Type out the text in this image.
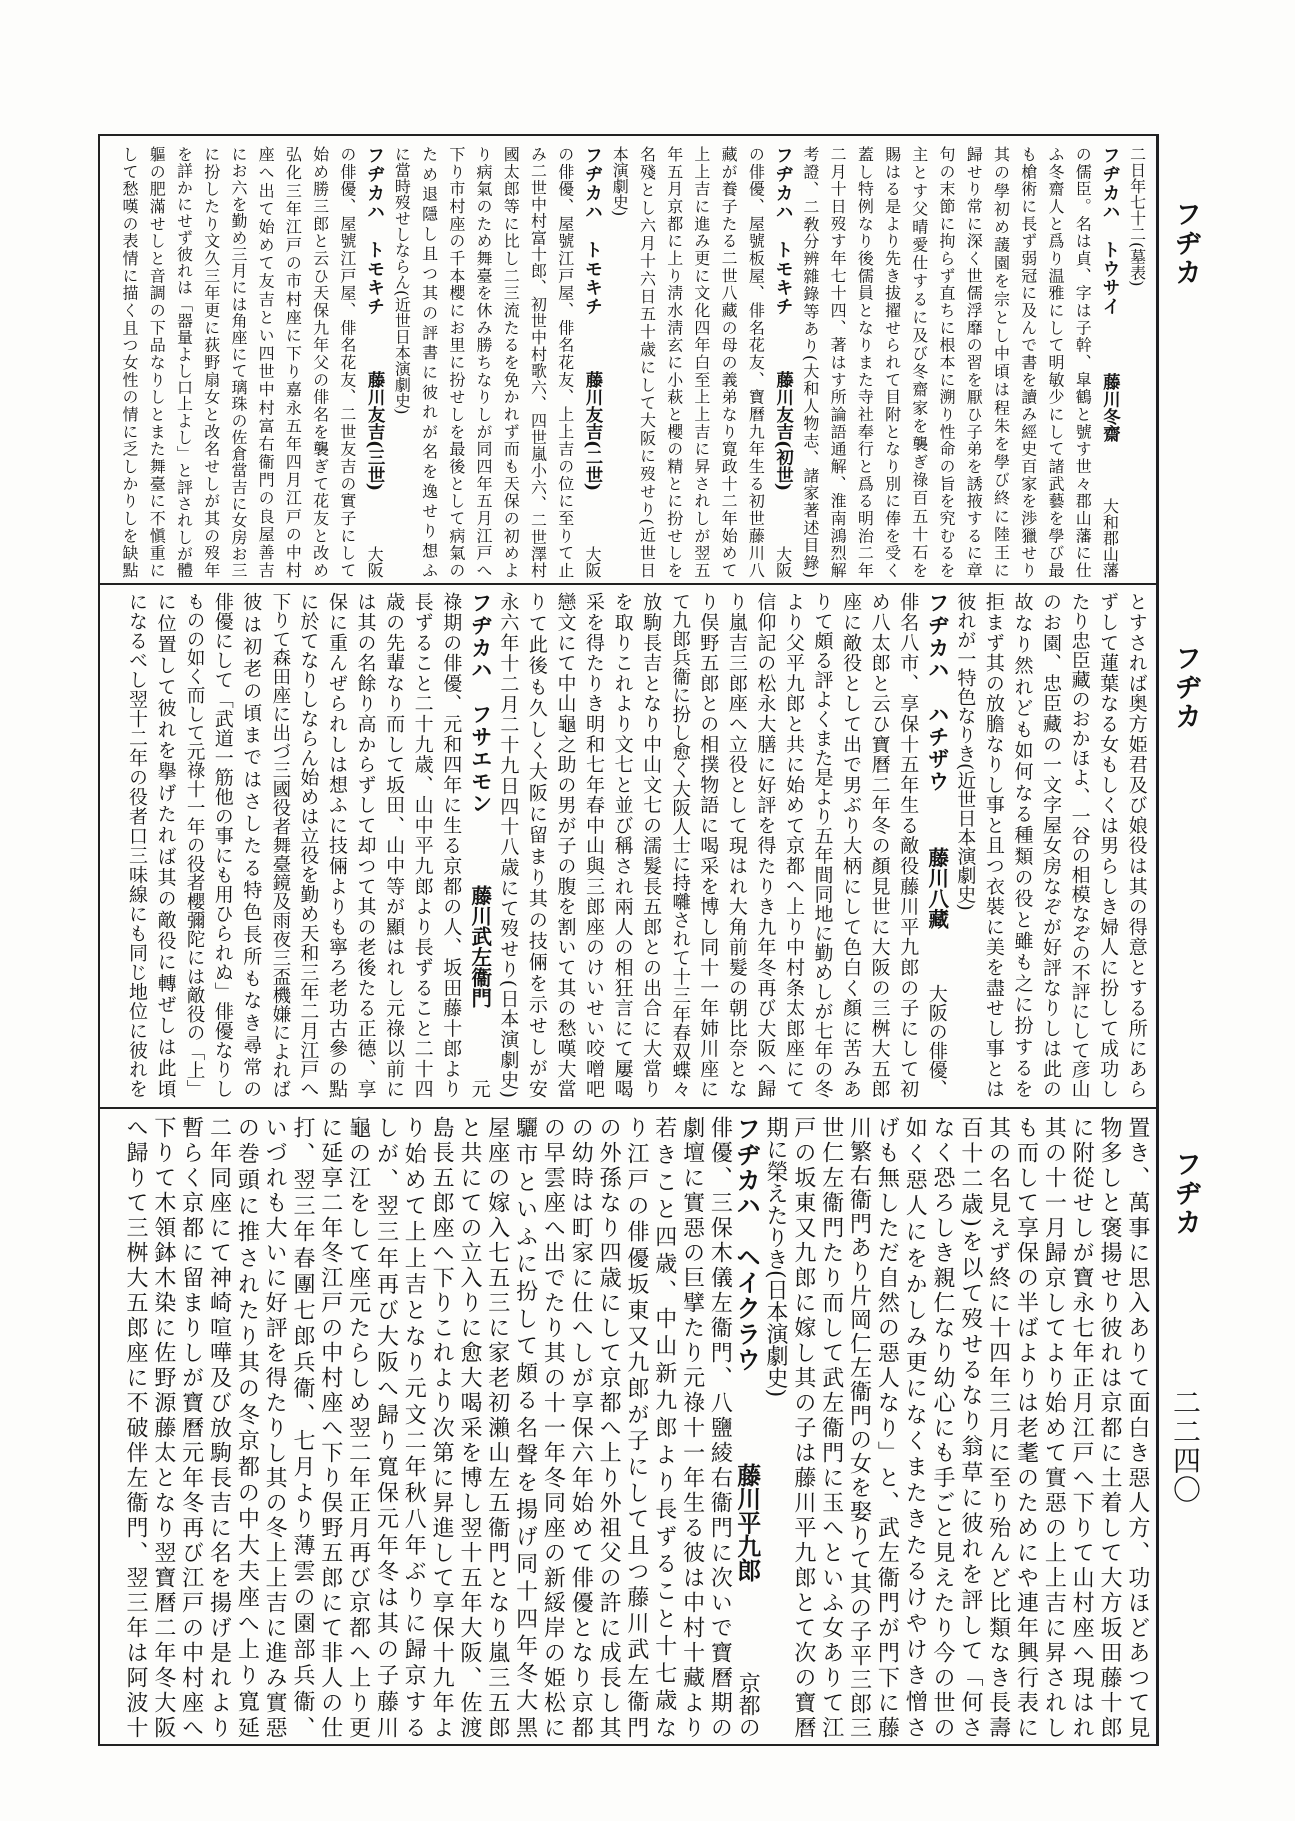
二日年七十二(墓表)
フヂカハ　トウサイ
藤川冬齋
大和郡山藩
の儒臣。名は貞、字は子幹、皐鶴と號す世々郡山藩に仕
ふ冬齋人と爲り温雅にして明敏少にして諸武藝を學び最
も槍術に長ず弱冠に及んで書を讀み經史百家を渉獵せり
其の學初め蘐園を宗とし中頃は程朱を學び終に陸王に
歸せり常に深く世儒浮靡の習を厭ひ子弟を誘掖するに章
句の末節に拘らず直ちに根本に溯り性命の旨を究むるを
主とす父晴愛仕するに及び冬齋家を襲ぎ祿百五十石を
賜はる是より先き拔擢せられて目附となり別に俸を受く
蓋し特例なり後儒員となりまた寺社奉行と爲る明治二年
二月十日歿す年七十四、著はす所論語通解、淮南鴻烈解
考證、二敎分辨雜錄等あり(大和人物志、諸家著述目錄)
フヂカハ　トモキチ
藤川友吉(初世)
大阪
の俳優、屋號板屋、俳名花友、寶曆九年生る初世藤川八
藏が養子たる二世八藏の母の義弟なり寛政十二年始めて
上上吉に進み更に文化四年白至上上吉に昇されしが翌五
年五月京都に上り淸水淸玄に小萩と櫻の精とに扮せしを
名殘とし六月十六日五十歳にして大阪に歿せり(近世日
本演劇史)
フヂカハ　トモキチ
藤川友吉(二世)
大阪
の俳優、屋號江戸屋、俳名花友、上上吉の位に至りて止
み二世中村富十郎、初世中村歌六、四世嵐小六、二世澤村
國太郎等に比し二三流たるを免かれず而も天保の初めよ
り病氣のため舞臺を休み勝ちなりしが同四年五月江戸へ
下り市村座の千本櫻にお里に扮せしを最後として病氣の
ため退隱し且つ其の評書に彼れが名を逸せり想ふ
に當時歿せしならん(近世日本演劇史)
フヂカハ　トモキチ
藤川友吉(三世)
大阪
の俳優、屋號江戸屋、俳名花友、二世友吉の實子にして
始め勝三郎と云ひ天保九年父の俳名を襲ぎて花友と改め
弘化三年江戸の市村座に下り嘉永五年四月江戸の中村
座へ出て始めて友吉とい四世中村富右衞門の良屋善吉
にお六を勤め三月には角座にて璃珠の佐倉當吉に女房お三
に扮したり文久三年更に荻野扇女と改名せしが其の歿年
を詳かにせず彼れは「器量よし口上よし」と評されしが體
軀の肥滿せしと音調の下品なりしとまた舞臺に不愼重に
して愁嘆の表情に描く且つ女性の情に乏しかりしを缺點
とすされば奥方姫君及び娘役は其の得意とする所にあら
ずして蓮葉なる女もしくは男らしき婦人に扮して成功し
たり忠臣藏のおかほよ、一谷の相模なぞの不評にして彦山
のお園、忠臣藏の一文字屋女房なぞが好評なりしは此の
故なり然れども如何なる種類の役と雖も之に扮するを
拒まず其の放膽なりし事と且つ衣裝に美を盡せし事とは
彼れが一特色なりき(近世日本演劇史)
フヂカハ　ハチザウ
藤川八藏
大阪の俳優、
俳名八市、享保十五年生る敵役藤川平九郎の子にして初
め八太郎と云ひ寶曆二年冬の顏見世に大阪の三桝大五郎
座に敵役として出で男ぶり大柄にして色白く顏に苦みあ
りて頗る評よくまた是より五年間同地に勤めしが七年の冬
より父平九郎と共に始めて京都へ上り中村条太郎座にて
信仰記の松永大膳に好評を得たりき九年冬再び大阪へ歸
り嵐吉三郎座へ立役として現はれ大角前髮の朝比奈とな
り俣野五郎との相撲物語に喝采を博し同十一年姉川座に
て九郎兵衞に扮し愈く大阪人士に持囃されて十三年春双蝶々
放駒長吉となり中山文七の濡髮長五郎との出合に大當り
を取りこれより文七と並び稱され兩人の相狂言にて屢喝
采を得たりき明和七年春中山與三郎座のけいせい咬噌吧
戀文にて中山龜之助の男が子の腹を割いて其の愁嘆大當
りて此後も久しく大阪に留まり其の技倆を示せしが安
永六年十二月二十九日四十八歳にて歿せり(日本演劇史)
フヂカハ　フサエモン
藤川武左衞門
元
祿期の俳優、元和四年に生る京都の人、坂田藤十郎より
長ずること二十九歳、山中平九郎より長ずること二十四
歳の先輩なり而して坂田、山中等が顯はれし元祿以前に
は其の名餘り高からずして却つて其の老後たる正德、享
保に重んぜられしは想ふに技倆よりも寧ろ老功古參の點
に於てなりしならん始めは立役を勤め天和三年二月江戸へ
下りて森田座に出づ三國役者舞臺鏡及雨夜三盃機嫌によれば
彼は初老の頃まではさしたる特色長所もなき尋常の
俳優にして「武道一筋他の事にも用ひられぬ」俳優なりし
ものの如く而して元祿十一年の役者櫻彌陀には敵役の「上」
に位置して彼れを擧げたれば其の敵役に轉ぜしは此頃
になるべし翌十二年の役者口三味線にも同じ地位に彼れを
置き、萬事に思入ありて面白き惡人方、功ほどあつて見
物多しと褒揚せり彼れは京都に土着して大方坂田藤十郎
に附從せしが寶永七年正月江戸へ下りて山村座へ現はれ
其の十一月歸京してより始めて實惡の上上吉に昇されし
も而して享保の半ばよりは老耄のためにや連年興行表に
其の名見えず終に十四年三月に至り殆んど比類なき長壽
百十二歳)を以て歿せるなり翁草に彼れを評して「何さ
なく恐ろしき親仁なり幼心にも手ごと見えたり今の世の
如く惡人にをかしみ更になくまたきたるけやけき憎さ
げも無しただ自然の惡人なり」と、武左衞門が門下に藤
川繁右衞門あり片岡仁左衞門の女を娶りて其の子平三郎三
世仁左衞門たり而して武左衞門に玉へといふ女ありて江
戸の坂東又九郎に嫁し其の子は藤川平九郎とて次の寶曆
期に榮えたりき(日本演劇史)
フヂカハ　ヘイクラウ
藤川平九郎
京都の
俳優、三保木儀左衞門、八鹽綾右衞門に次いで寶曆期の
劇壇に實惡の巨擘たり元祿十一年生る彼は中村十藏より
若きこと四歳、中山新九郎より長ずること十七歳な
り江戸の俳優坂東又九郎が子にして且つ藤川武左衞門
の外孫なり四歳にして京都へ上り外祖父の許に成長し其
の幼時は町家に仕へしが享保六年始めて俳優となり京都
の早雲座へ出でたり其の十一年冬同座の新綏岸の姫松に
驪市といふに扮して頗る名聲を揚げ同十四年冬大黑
屋座の嫁入七五三に家老初瀨山左五衞門となり嵐三五郎
と共にての立入りに愈大喝采を博し翌十五年大阪、佐渡
島長五郎座へ下りこれより次第に昇進して享保十九年よ
り始めて上上吉となり元文二年秋八年ぶりに歸京する
しが、翌三年再び大阪へ歸り寬保元年冬は其の子藤川
龜の江をして座元たらしめ翌二年正月再び京都へ上り更
に延享二年冬江戸の中村座へ下り俣野五郎にて非人の仕
打、翌三年春團七郎兵衞、七月より薄雲の園部兵衞、
いづれも大いに好評を得たりし其の冬上上吉に進み實惡
の巻頭に推されたり其の冬京都の中大夫座へ上り寬延
二年同座にて神崎喧嘩及び放駒長吉に名を揚げ是れより
暫らく京都に留まりしが寶曆元年冬再び江戸の中村座へ
下りて木領鉢木染に佐野源藤太となり翌寶曆二年冬大阪
へ歸りて三桝大五郎座に不破伴左衞門、翌三年は阿波十
フヂカ
フヂカ
フヂカ
二二四〇
